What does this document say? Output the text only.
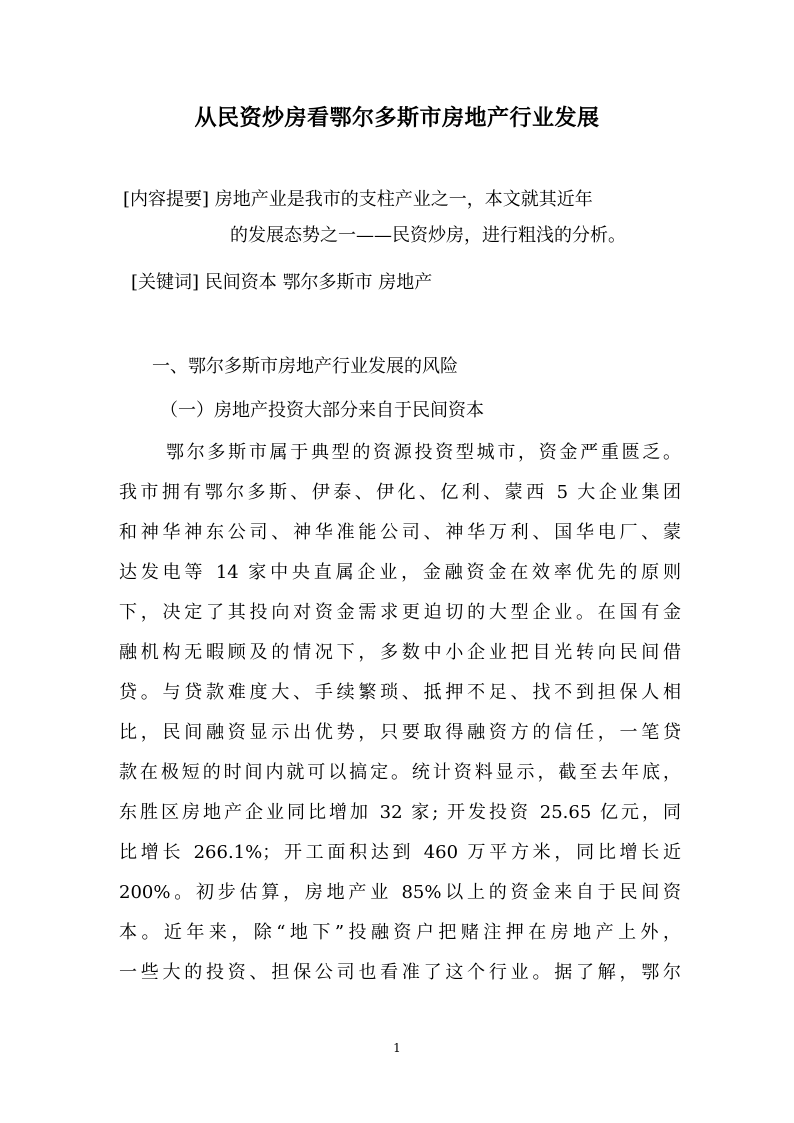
从民资炒房看鄂尔多斯市房地产行业发展
[内容提要] 房地产业是我市的支柱产业之一，本文就其近年
的发展态势之一——民资炒房，进行粗浅的分析。
[关键词] 民间资本 鄂尔多斯市 房地产
一、鄂尔多斯市房地产行业发展的风险
（一）房地产投资大部分来自于民间资本
鄂尔多斯市属于典型的资源投资型城市，资金严重匮乏。
我市拥有鄂尔多斯、伊泰、伊化、亿利、蒙西 5 大企业集团
和神华神东公司、神华准能公司、神华万利、国华电厂、蒙
达发电等 14 家中央直属企业，金融资金在效率优先的原则
下，决定了其投向对资金需求更迫切的大型企业。在国有金
融机构无暇顾及的情况下，多数中小企业把目光转向民间借
贷。与贷款难度大、手续繁琐、抵押不足、找不到担保人相
比，民间融资显示出优势，只要取得融资方的信任，一笔贷
款在极短的时间内就可以搞定。统计资料显示，截至去年底，
东胜区房地产企业同比增加 32 家; 开发投资 25.65 亿元，同
比增长 266.1%；开工面积达到 460 万平方米，同比增长近
200%。初步估算，房地产业 85%以上的资金来自于民间资
本。近年来，除“地下”投融资户把赌注押在房地产上外，
一些大的投资、担保公司也看准了这个行业。据了解，鄂尔
1
